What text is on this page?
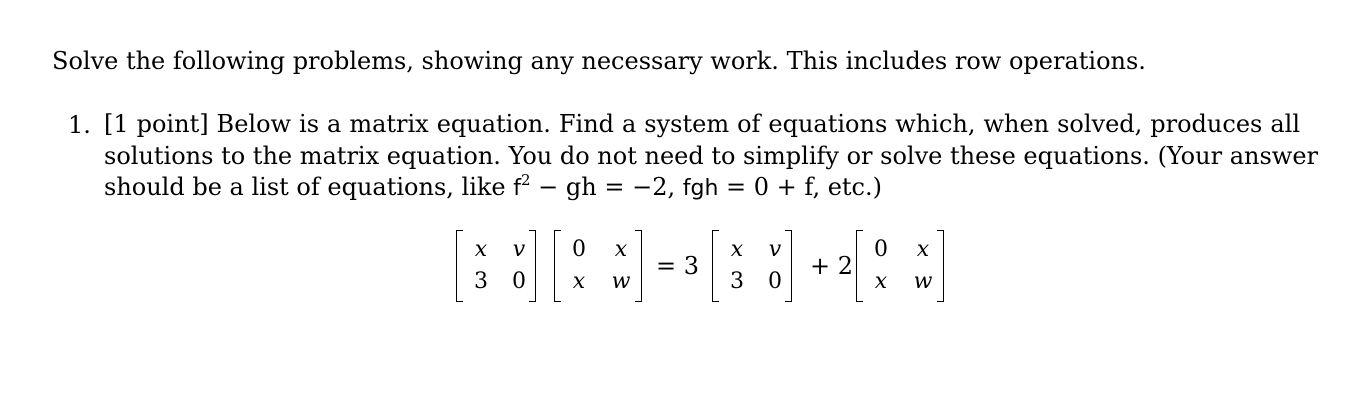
Solve the following problems, showing any necessary work. This includes row operations.
1. [1 point] Below is a matrix equation. Find a system of equations which, when solved, produces all
solutions to the matrix equation. You do not need to simplify or solve these equations. (Your answer
should be a list of equations, like $f^2$ − gh = −2, fgh = 0 + f, etc.)
x	v
3	0
0	x
x	w
= 3
x	v
3	0
+ 2
0	x
x	w
